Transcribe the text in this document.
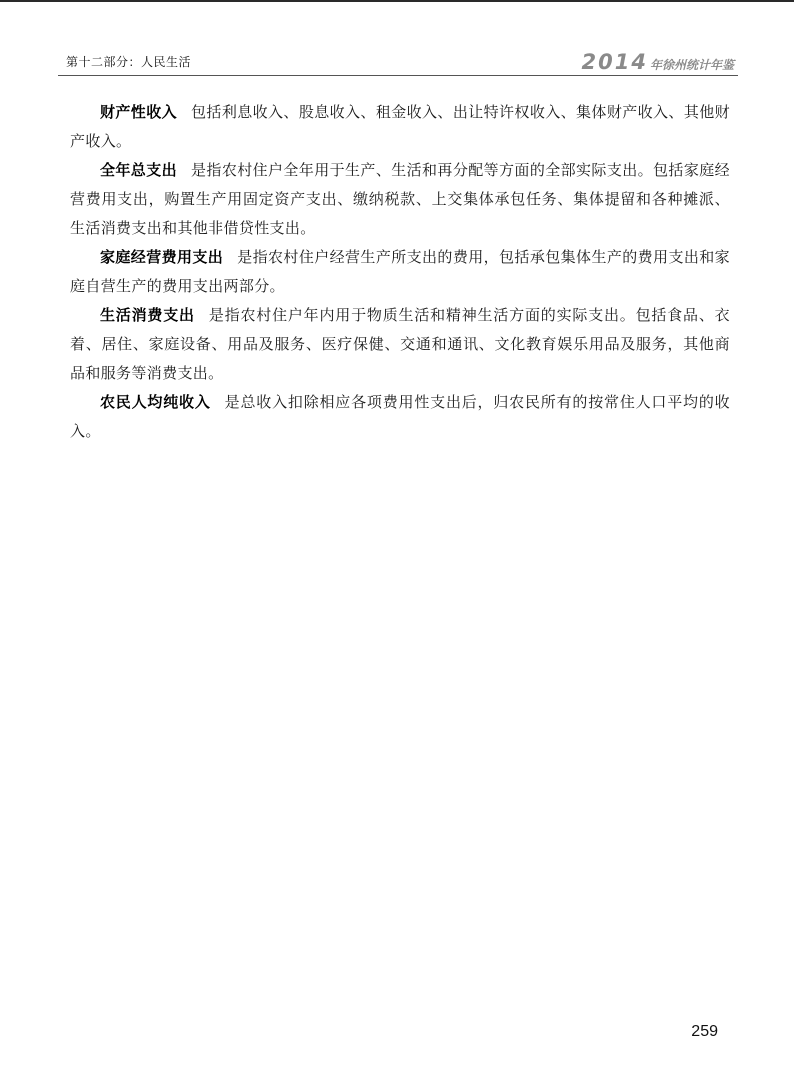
第十二部分：人民生活	2014 年徐州统计年鉴

财产性收入 包括利息收入、股息收入、租金收入、出让特许权收入、集体财产收入、其他财产收入。

全年总支出 是指农村住户全年用于生产、生活和再分配等方面的全部实际支出。包括家庭经营费用支出，购置生产用固定资产支出、缴纳税款、上交集体承包任务、集体提留和各种摊派、生活消费支出和其他非借贷性支出。

家庭经营费用支出 是指农村住户经营生产所支出的费用，包括承包集体生产的费用支出和家庭自营生产的费用支出两部分。

生活消费支出 是指农村住户年内用于物质生活和精神生活方面的实际支出。包括食品、衣着、居住、家庭设备、用品及服务、医疗保健、交通和通讯、文化教育娱乐用品及服务，其他商品和服务等消费支出。

农民人均纯收入 是总收入扣除相应各项费用性支出后，归农民所有的按常住人口平均的收入。

259
